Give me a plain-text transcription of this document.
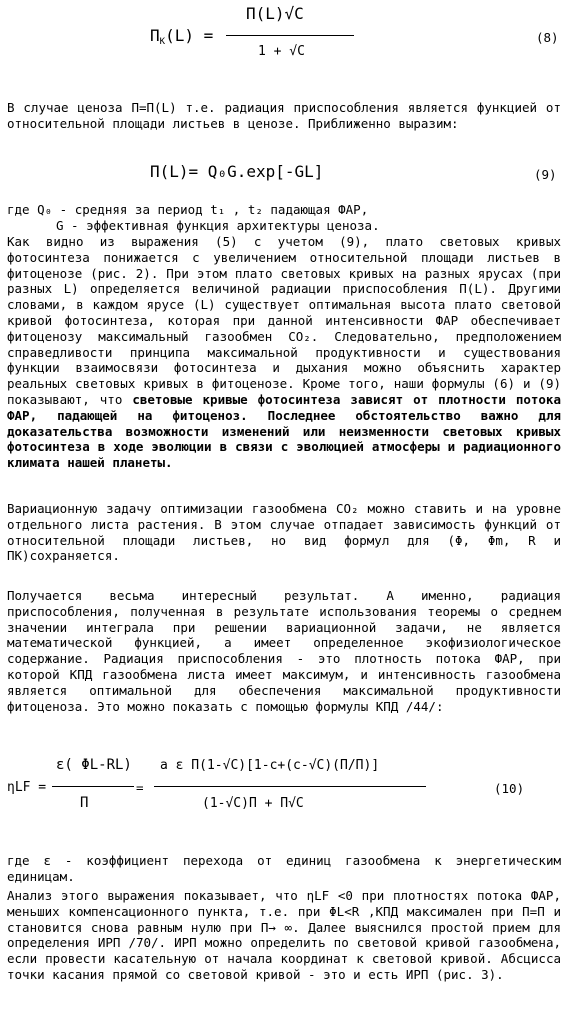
ПK(L) =
П(L)√C
1 + √C
(8)
В случае ценоза П=П(L) т.е. радиация приспособления является функцией от относительной площади листьев в ценозе. Приближенно выразим:
П(L)= Q₀G.exp[-GL]	(9)
где Q₀ - средняя за период t₁ , t₂ падающая ФАР,
G - эффективная функция архитектуры ценоза.
Как видно из выражения (5) с учетом (9), плато световых кривых фотосинтеза понижается с увеличением относительной площади листьев в фитоценозе (рис. 2). При этом плато световых кривых на разных ярусах (при разных L) определяется величиной радиации приспособления П(L). Другими словами, в каждом ярусе (L) существует оптимальная высота плато световой кривой фотосинтеза, которая при данной интенсивности ФАР обеспечивает фитоценозу максимальный газообмен CO₂. Следовательно, предположением справедливости принципа максимальной продуктивности и существования функции взаимосвязи фотосинтеза и дыхания можно объяснить характер реальных световых кривых в фитоценозе. Кроме того, наши формулы (6) и (9) показывают, что световые кривые фотосинтеза зависят от плотности потока ФАР, падающей на фитоценоз. Последнее обстоятельство важно для доказательства возможности изменений или неизменности световых кривых фотосинтеза в ходе эволюции в связи с эволюцией атмосферы и радиационного климата нашей планеты.
Вариационную задачу оптимизации газообмена CO₂ можно ставить и на уровне отдельного листа растения. В этом случае отпадает зависимость функций от относительной площади листьев, но вид формул для (Φ, Φm, R и ПK)сохраняется.
Получается весьма интересный результат. А именно, радиация приспособления, полученная в результате использования теоремы о среднем значении интеграла при решении вариационной задачи, не является математической функцией, а имеет определенное экофизиологическое содержание. Радиация приспособления - это плотность потока ФАР, при которой КПД газообмена листа имеет максимум, и интенсивность газообмена является оптимальной для обеспечения максимальной продуктивности фитоценоза. Это можно показать с помощью формулы КПД /44/:
ηLF =
ε( ΦL-RL)
П
=
a ε П(1-√C)[1-c+(c-√C)(П/П)]
(1-√C)П + П√C
(10)
где ε - коэффициент перехода от единиц газообмена к энергетическим единицам.
Анализ этого выражения показывает, что ηLF <0 при плотностях потока ФАР, меньших компенсационного пункта, т.е. при ΦL<R ,КПД максимален при П=П и становится снова равным нулю при П→ ∞. Далее выяснился простой прием для определения ИРП /70/. ИРП можно определить по световой кривой газообмена, если провести касательную от начала координат к световой кривой. Абсцисса точки касания прямой со световой кривой - это и есть ИРП (рис. 3).
